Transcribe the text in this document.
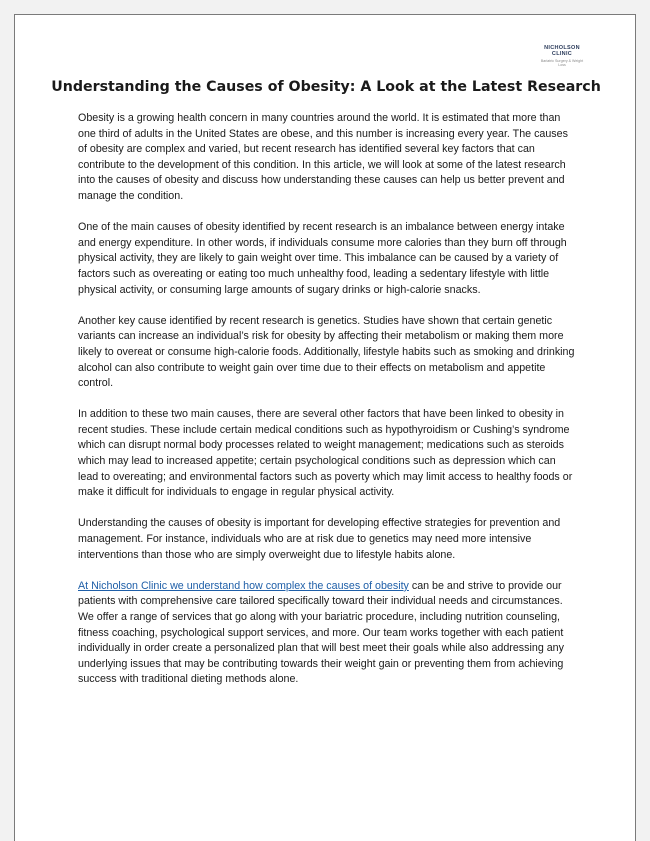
NICHOLSON
CLINIC
Bariatric Surgery & Weight Loss
Understanding the Causes of Obesity: A Look at the Latest Research

Obesity is a growing health concern in many countries around the world. It is estimated that more than one third of adults in the United States are obese, and this number is increasing every year. The causes of obesity are complex and varied, but recent research has identified several key factors that can contribute to the development of this condition. In this article, we will look at some of the latest research into the causes of obesity and discuss how understanding these causes can help us better prevent and manage the condition.

One of the main causes of obesity identified by recent research is an imbalance between energy intake and energy expenditure. In other words, if individuals consume more calories than they burn off through physical activity, they are likely to gain weight over time. This imbalance can be caused by a variety of factors such as overeating or eating too much unhealthy food, leading a sedentary lifestyle with little physical activity, or consuming large amounts of sugary drinks or high-calorie snacks.

Another key cause identified by recent research is genetics. Studies have shown that certain genetic variants can increase an individual’s risk for obesity by affecting their metabolism or making them more likely to overeat or consume high-calorie foods. Additionally, lifestyle habits such as smoking and drinking alcohol can also contribute to weight gain over time due to their effects on metabolism and appetite control.

In addition to these two main causes, there are several other factors that have been linked to obesity in recent studies. These include certain medical conditions such as hypothyroidism or Cushing’s syndrome which can disrupt normal body processes related to weight management; medications such as steroids which may lead to increased appetite; certain psychological conditions such as depression which can lead to overeating; and environmental factors such as poverty which may limit access to healthy foods or make it difficult for individuals to engage in regular physical activity.

Understanding the causes of obesity is important for developing effective strategies for prevention and management. For instance, individuals who are at risk due to genetics may need more intensive interventions than those who are simply overweight due to lifestyle habits alone.

At Nicholson Clinic we understand how complex the causes of obesity can be and strive to provide our patients with comprehensive care tailored specifically toward their individual needs and circumstances. We offer a range of services that go along with your bariatric procedure, including nutrition counseling, fitness coaching, psychological support services, and more. Our team works together with each patient individually in order create a personalized plan that will best meet their goals while also addressing any underlying issues that may be contributing towards their weight gain or preventing them from achieving success with traditional dieting methods alone.
